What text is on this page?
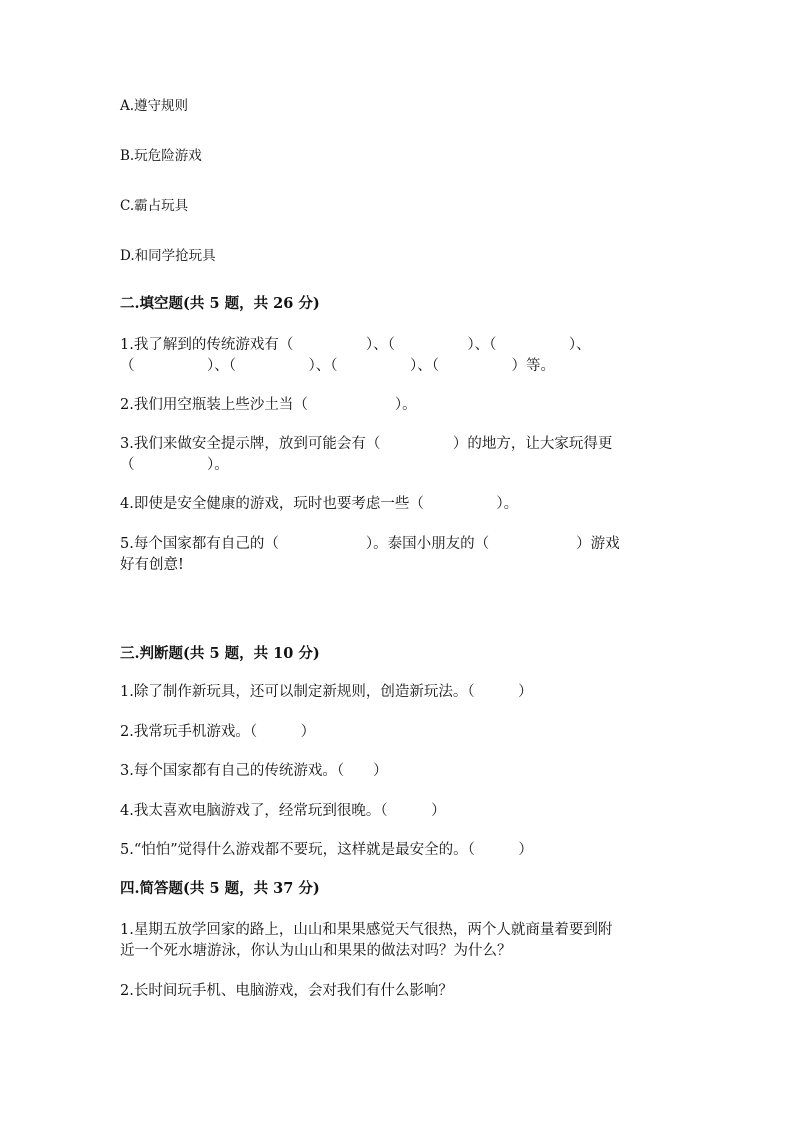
A.遵守规则
B.玩危险游戏
C.霸占玩具
D.和同学抢玩具
二.填空题(共 5 题，共 26 分)
1.我了解到的传统游戏有（　　　　　）、（　　　　　）、（　　　　　）、
（　　　　　）、（　　　　　）、（　　　　　）、（　　　　　）等。
2.我们用空瓶装上些沙土当（　　　　　　）。
3.我们来做安全提示牌，放到可能会有（　　　　　）的地方，让大家玩得更
（　　　　　）。
4.即使是安全健康的游戏，玩时也要考虑一些（　　　　　）。
5.每个国家都有自己的（　　　　　　）。泰国小朋友的（　　　　　　）游戏
好有创意!
三.判断题(共 5 题，共 10 分)
1.除了制作新玩具，还可以制定新规则，创造新玩法。（　　　）
2.我常玩手机游戏。（　　　）
3.每个国家都有自己的传统游戏。（　　）
4.我太喜欢电脑游戏了，经常玩到很晚。（　　　）
5.“怕怕”觉得什么游戏都不要玩，这样就是最安全的。（　　　）
四.简答题(共 5 题，共 37 分)
1.星期五放学回家的路上，山山和果果感觉天气很热，两个人就商量着要到附
近一个死水塘游泳，你认为山山和果果的做法对吗？为什么？
2.长时间玩手机、电脑游戏，会对我们有什么影响？
